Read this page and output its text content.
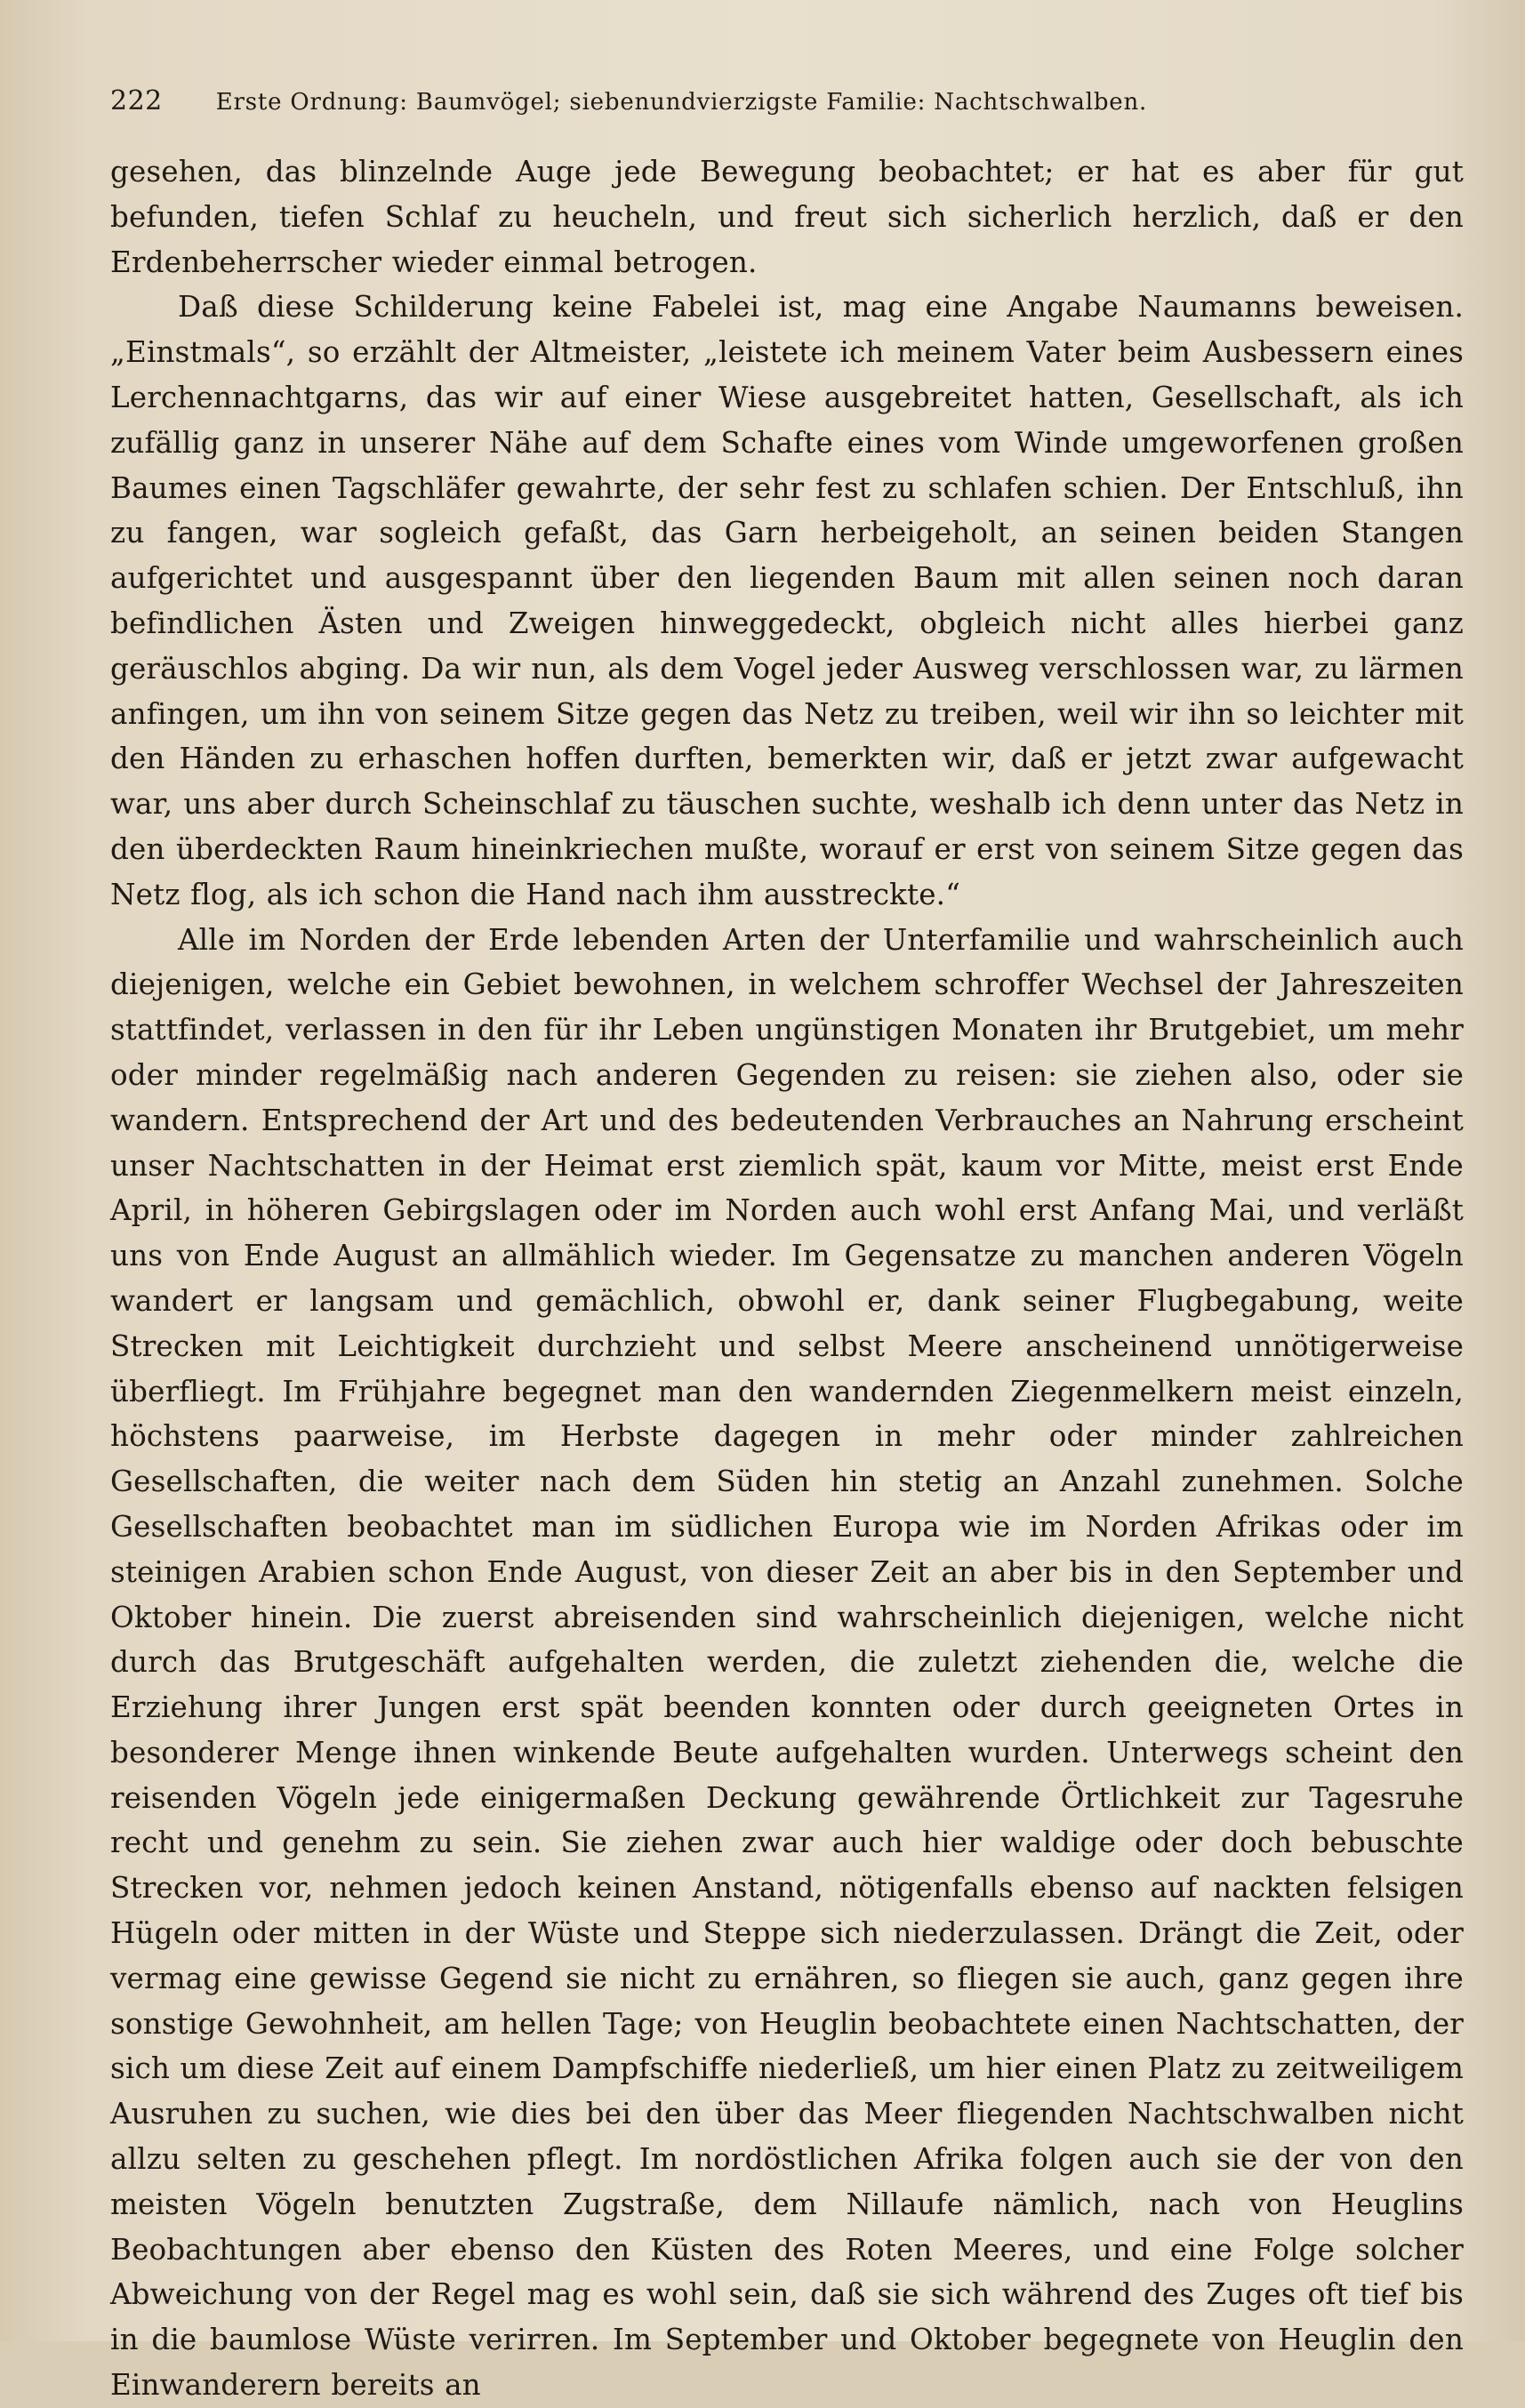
222 Erste Ordnung: Baumvögel; siebenundvierzigste Familie: Nachtschwalben.

gesehen, das blinzelnde Auge jede Bewegung beobachtet; er hat es aber für gut befunden, tiefen Schlaf zu heucheln, und freut sich sicherlich herzlich, daß er den Erdenbeherrscher wieder einmal betrogen.

Daß diese Schilderung keine Fabelei ist, mag eine Angabe Naumanns beweisen. „Einstmals“, so erzählt der Altmeister, „leistete ich meinem Vater beim Ausbessern eines Lerchennachtgarns, das wir auf einer Wiese ausgebreitet hatten, Gesellschaft, als ich zufällig ganz in unserer Nähe auf dem Schafte eines vom Winde umgeworfenen großen Baumes einen Tagschläfer gewahrte, der sehr fest zu schlafen schien. Der Entschluß, ihn zu fangen, war sogleich gefaßt, das Garn herbeigeholt, an seinen beiden Stangen aufgerichtet und ausgespannt über den liegenden Baum mit allen seinen noch daran befindlichen Ästen und Zweigen hinweggedeckt, obgleich nicht alles hierbei ganz geräuschlos abging. Da wir nun, als dem Vogel jeder Ausweg verschlossen war, zu lärmen anfingen, um ihn von seinem Sitze gegen das Netz zu treiben, weil wir ihn so leichter mit den Händen zu erhaschen hoffen durften, bemerkten wir, daß er jetzt zwar aufgewacht war, uns aber durch Scheinschlaf zu täuschen suchte, weshalb ich denn unter das Netz in den überdeckten Raum hineinkriechen mußte, worauf er erst von seinem Sitze gegen das Netz flog, als ich schon die Hand nach ihm ausstreckte.“

Alle im Norden der Erde lebenden Arten der Unterfamilie und wahrscheinlich auch diejenigen, welche ein Gebiet bewohnen, in welchem schroffer Wechsel der Jahreszeiten stattfindet, verlassen in den für ihr Leben ungünstigen Monaten ihr Brutgebiet, um mehr oder minder regelmäßig nach anderen Gegenden zu reisen: sie ziehen also, oder sie wandern. Entsprechend der Art und des bedeutenden Verbrauches an Nahrung erscheint unser Nachtschatten in der Heimat erst ziemlich spät, kaum vor Mitte, meist erst Ende April, in höheren Gebirgslagen oder im Norden auch wohl erst Anfang Mai, und verläßt uns von Ende August an allmählich wieder. Im Gegensatze zu manchen anderen Vögeln wandert er langsam und gemächlich, obwohl er, dank seiner Flugbegabung, weite Strecken mit Leichtigkeit durchzieht und selbst Meere anscheinend unnötigerweise überfliegt. Im Frühjahre begegnet man den wandernden Ziegenmelkern meist einzeln, höchstens paarweise, im Herbste dagegen in mehr oder minder zahlreichen Gesellschaften, die weiter nach dem Süden hin stetig an Anzahl zunehmen. Solche Gesellschaften beobachtet man im südlichen Europa wie im Norden Afrikas oder im steinigen Arabien schon Ende August, von dieser Zeit an aber bis in den September und Oktober hinein. Die zuerst abreisenden sind wahrscheinlich diejenigen, welche nicht durch das Brutgeschäft aufgehalten werden, die zuletzt ziehenden die, welche die Erziehung ihrer Jungen erst spät beenden konnten oder durch geeigneten Ortes in besonderer Menge ihnen winkende Beute aufgehalten wurden. Unterwegs scheint den reisenden Vögeln jede einigermaßen Deckung gewährende Örtlichkeit zur Tagesruhe recht und genehm zu sein. Sie ziehen zwar auch hier waldige oder doch bebuschte Strecken vor, nehmen jedoch keinen Anstand, nötigenfalls ebenso auf nackten felsigen Hügeln oder mitten in der Wüste und Steppe sich niederzulassen. Drängt die Zeit, oder vermag eine gewisse Gegend sie nicht zu ernähren, so fliegen sie auch, ganz gegen ihre sonstige Gewohnheit, am hellen Tage; von Heuglin beobachtete einen Nachtschatten, der sich um diese Zeit auf einem Dampfschiffe niederließ, um hier einen Platz zu zeitweiligem Ausruhen zu suchen, wie dies bei den über das Meer fliegenden Nachtschwalben nicht allzu selten zu geschehen pflegt. Im nordöstlichen Afrika folgen auch sie der von den meisten Vögeln benutzten Zugstraße, dem Nillaufe nämlich, nach von Heuglins Beobachtungen aber ebenso den Küsten des Roten Meeres, und eine Folge solcher Abweichung von der Regel mag es wohl sein, daß sie sich während des Zuges oft tief bis in die baumlose Wüste verirren. Im September und Oktober begegnete von Heuglin den Einwanderern bereits an
